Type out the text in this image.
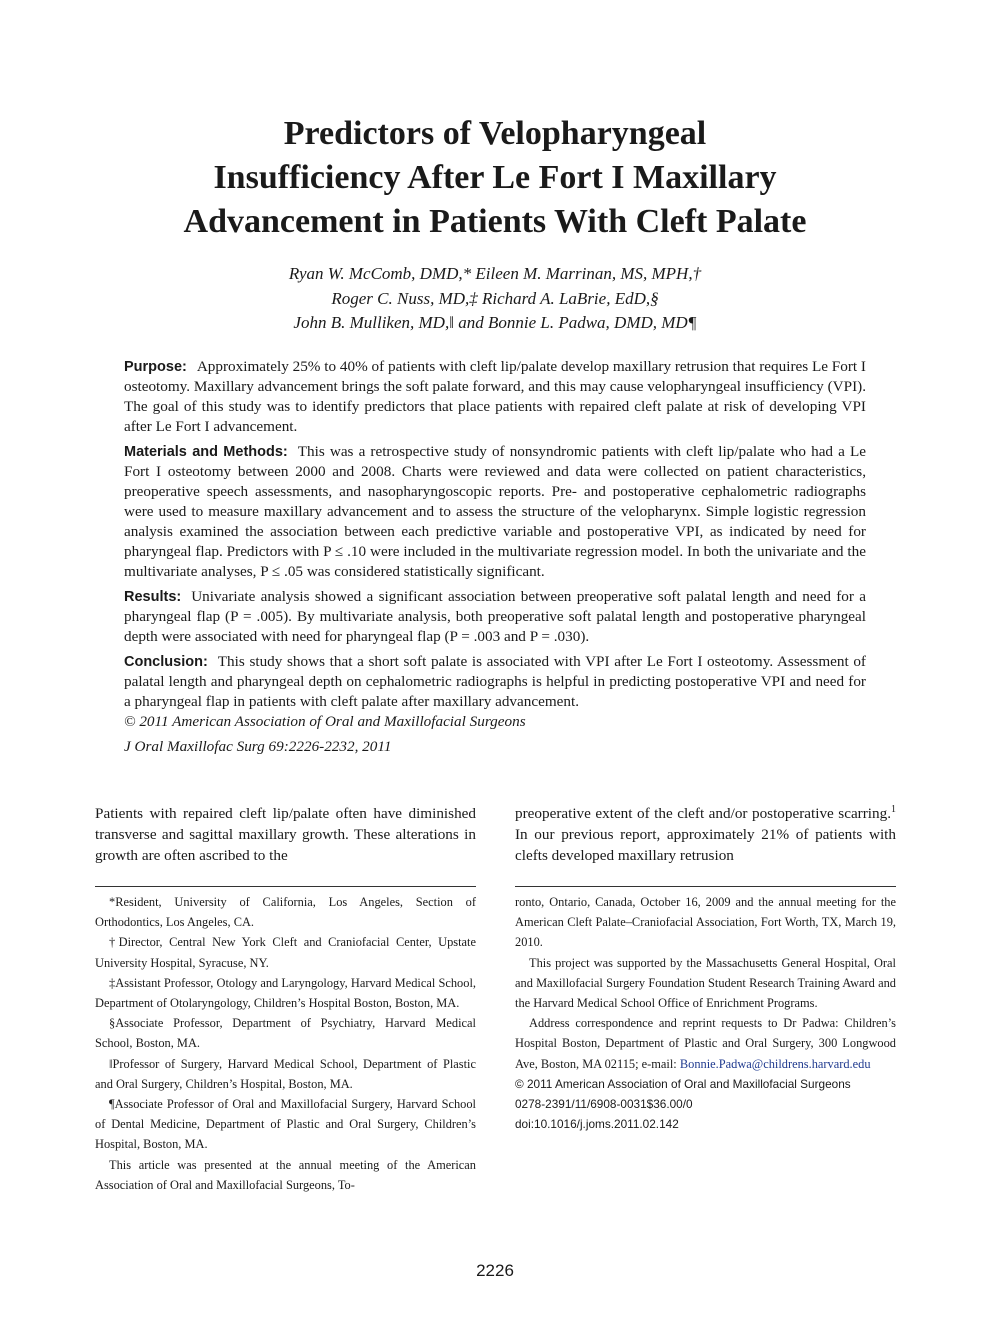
Predictors of Velopharyngeal
Insufficiency After Le Fort I Maxillary
Advancement in Patients With Cleft Palate
Ryan W. McComb, DMD,* Eileen M. Marrinan, MS, MPH,†
Roger C. Nuss, MD,‡ Richard A. LaBrie, EdD,§
John B. Mulliken, MD,‖ and Bonnie L. Padwa, DMD, MD¶

Purpose: Approximately 25% to 40% of patients with cleft lip/palate develop maxillary retrusion that requires Le Fort I osteotomy. Maxillary advancement brings the soft palate forward, and this may cause velopharyngeal insufficiency (VPI). The goal of this study was to identify predictors that place patients with repaired cleft palate at risk of developing VPI after Le Fort I advancement.

Materials and Methods: This was a retrospective study of nonsyndromic patients with cleft lip/palate who had a Le Fort I osteotomy between 2000 and 2008. Charts were reviewed and data were collected on patient characteristics, preoperative speech assessments, and nasopharyngoscopic reports. Pre- and postoperative cephalometric radiographs were used to measure maxillary advancement and to assess the structure of the velopharynx. Simple logistic regression analysis examined the association between each predictive variable and postoperative VPI, as indicated by need for pharyngeal flap. Predictors with P ≤ .10 were included in the multivariate regression model. In both the univariate and the multivariate analyses, P ≤ .05 was considered statistically significant.

Results: Univariate analysis showed a significant association between preoperative soft palatal length and need for a pharyngeal flap (P = .005). By multivariate analysis, both preoperative soft palatal length and postoperative pharyngeal depth were associated with need for pharyngeal flap (P = .003 and P = .030).

Conclusion: This study shows that a short soft palate is associated with VPI after Le Fort I osteotomy. Assessment of palatal length and pharyngeal depth on cephalometric radiographs is helpful in predicting postoperative VPI and need for a pharyngeal flap in patients with cleft palate after maxillary advancement.

© 2011 American Association of Oral and Maxillofacial Surgeons

J Oral Maxillofac Surg 69:2226-2232, 2011

Patients with repaired cleft lip/palate often have diminished transverse and sagittal maxillary growth. These alterations in growth are often ascribed to the
preoperative extent of the cleft and/or postoperative scarring.$^1$ In our previous report, approximately 21% of patients with clefts developed maxillary retrusion

*Resident, University of California, Los Angeles, Section of Orthodontics, Los Angeles, CA.

†Director, Central New York Cleft and Craniofacial Center, Upstate University Hospital, Syracuse, NY.

‡Assistant Professor, Otology and Laryngology, Harvard Medical School, Department of Otolaryngology, Children’s Hospital Boston, Boston, MA.

§Associate Professor, Department of Psychiatry, Harvard Medical School, Boston, MA.

‖Professor of Surgery, Harvard Medical School, Department of Plastic and Oral Surgery, Children’s Hospital, Boston, MA.

¶Associate Professor of Oral and Maxillofacial Surgery, Harvard School of Dental Medicine, Department of Plastic and Oral Surgery, Children’s Hospital, Boston, MA.

This article was presented at the annual meeting of the American Association of Oral and Maxillofacial Surgeons, To-

ronto, Ontario, Canada, October 16, 2009 and the annual meeting for the American Cleft Palate–Craniofacial Association, Fort Worth, TX, March 19, 2010.

This project was supported by the Massachusetts General Hospital, Oral and Maxillofacial Surgery Foundation Student Research Training Award and the Harvard Medical School Office of Enrichment Programs.

Address correspondence and reprint requests to Dr Padwa: Children’s Hospital Boston, Department of Plastic and Oral Surgery, 300 Longwood Ave, Boston, MA 02115; e-mail: Bonnie.Padwa@childrens.harvard.edu

© 2011 American Association of Oral and Maxillofacial Surgeons

0278-2391/11/6908-0031$36.00/0

doi:10.1016/j.joms.2011.02.142

2226
